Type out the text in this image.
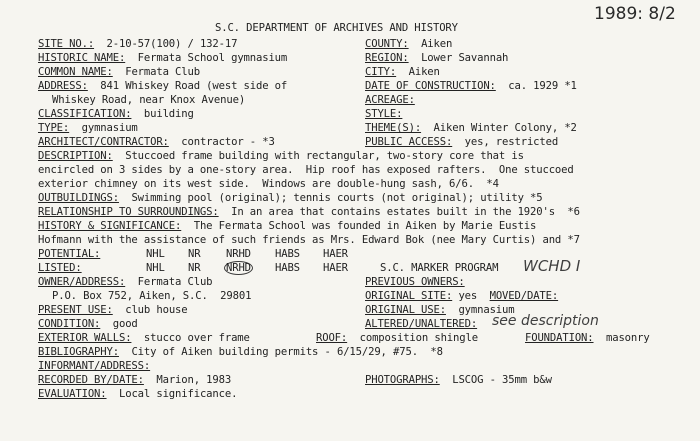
1989: 8/2
S.C. DEPARTMENT OF ARCHIVES AND HISTORY
SITE NO.: 2-10-57(100) / 132-17	COUNTY: Aiken
HISTORIC NAME: Fermata School gymnasium	REGION: Lower Savannah
COMMON NAME: Fermata Club	CITY: Aiken
ADDRESS: 841 Whiskey Road (west side of	DATE OF CONSTRUCTION: ca. 1929 *1
Whiskey Road, near Knox Avenue)	ACREAGE:
CLASSIFICATION: building	STYLE:
TYPE: gymnasium	THEME(S): Aiken Winter Colony, *2
ARCHITECT/CONTRACTOR: contractor - *3	PUBLIC ACCESS: yes, restricted
DESCRIPTION: Stuccoed frame building with rectangular, two-story core that is
encircled on 3 sides by a one-story area.  Hip roof has exposed rafters.  One stuccoed
exterior chimney on its west side.  Windows are double-hung sash, 6/6.  *4
OUTBUILDINGS: Swimming pool (original); tennis courts (not original); utility *5
RELATIONSHIP TO SURROUNDINGS: In an area that contains estates built in the 1920's  *6
HISTORY & SIGNIFICANCE: The Fermata School was founded in Aiken by Marie Eustis
Hofmann with the assistance of such friends as Mrs. Edward Bok (nee Mary Curtis) and *7
POTENTIAL:	NHL NR NRHD HABS HAER
LISTED:	NHL NR NRHD HABS HAER	S.C. MARKER PROGRAM WCHD I
OWNER/ADDRESS: Fermata Club	PREVIOUS OWNERS:
P.O. Box 752, Aiken, S.C.  29801	ORIGINAL SITE: yes MOVED/DATE:
PRESENT USE: club house	ORIGINAL USE: gymnasium
CONDITION: good	ALTERED/UNALTERED: see description
EXTERIOR WALLS: stucco over frame	ROOF: composition shingle	FOUNDATION: masonry
BIBLIOGRAPHY: City of Aiken building permits - 6/15/29, #75.  *8
INFORMANT/ADDRESS:
RECORDED BY/DATE: Marion, 1983	PHOTOGRAPHS: LSCOG - 35mm b&w
EVALUATION: Local significance.
